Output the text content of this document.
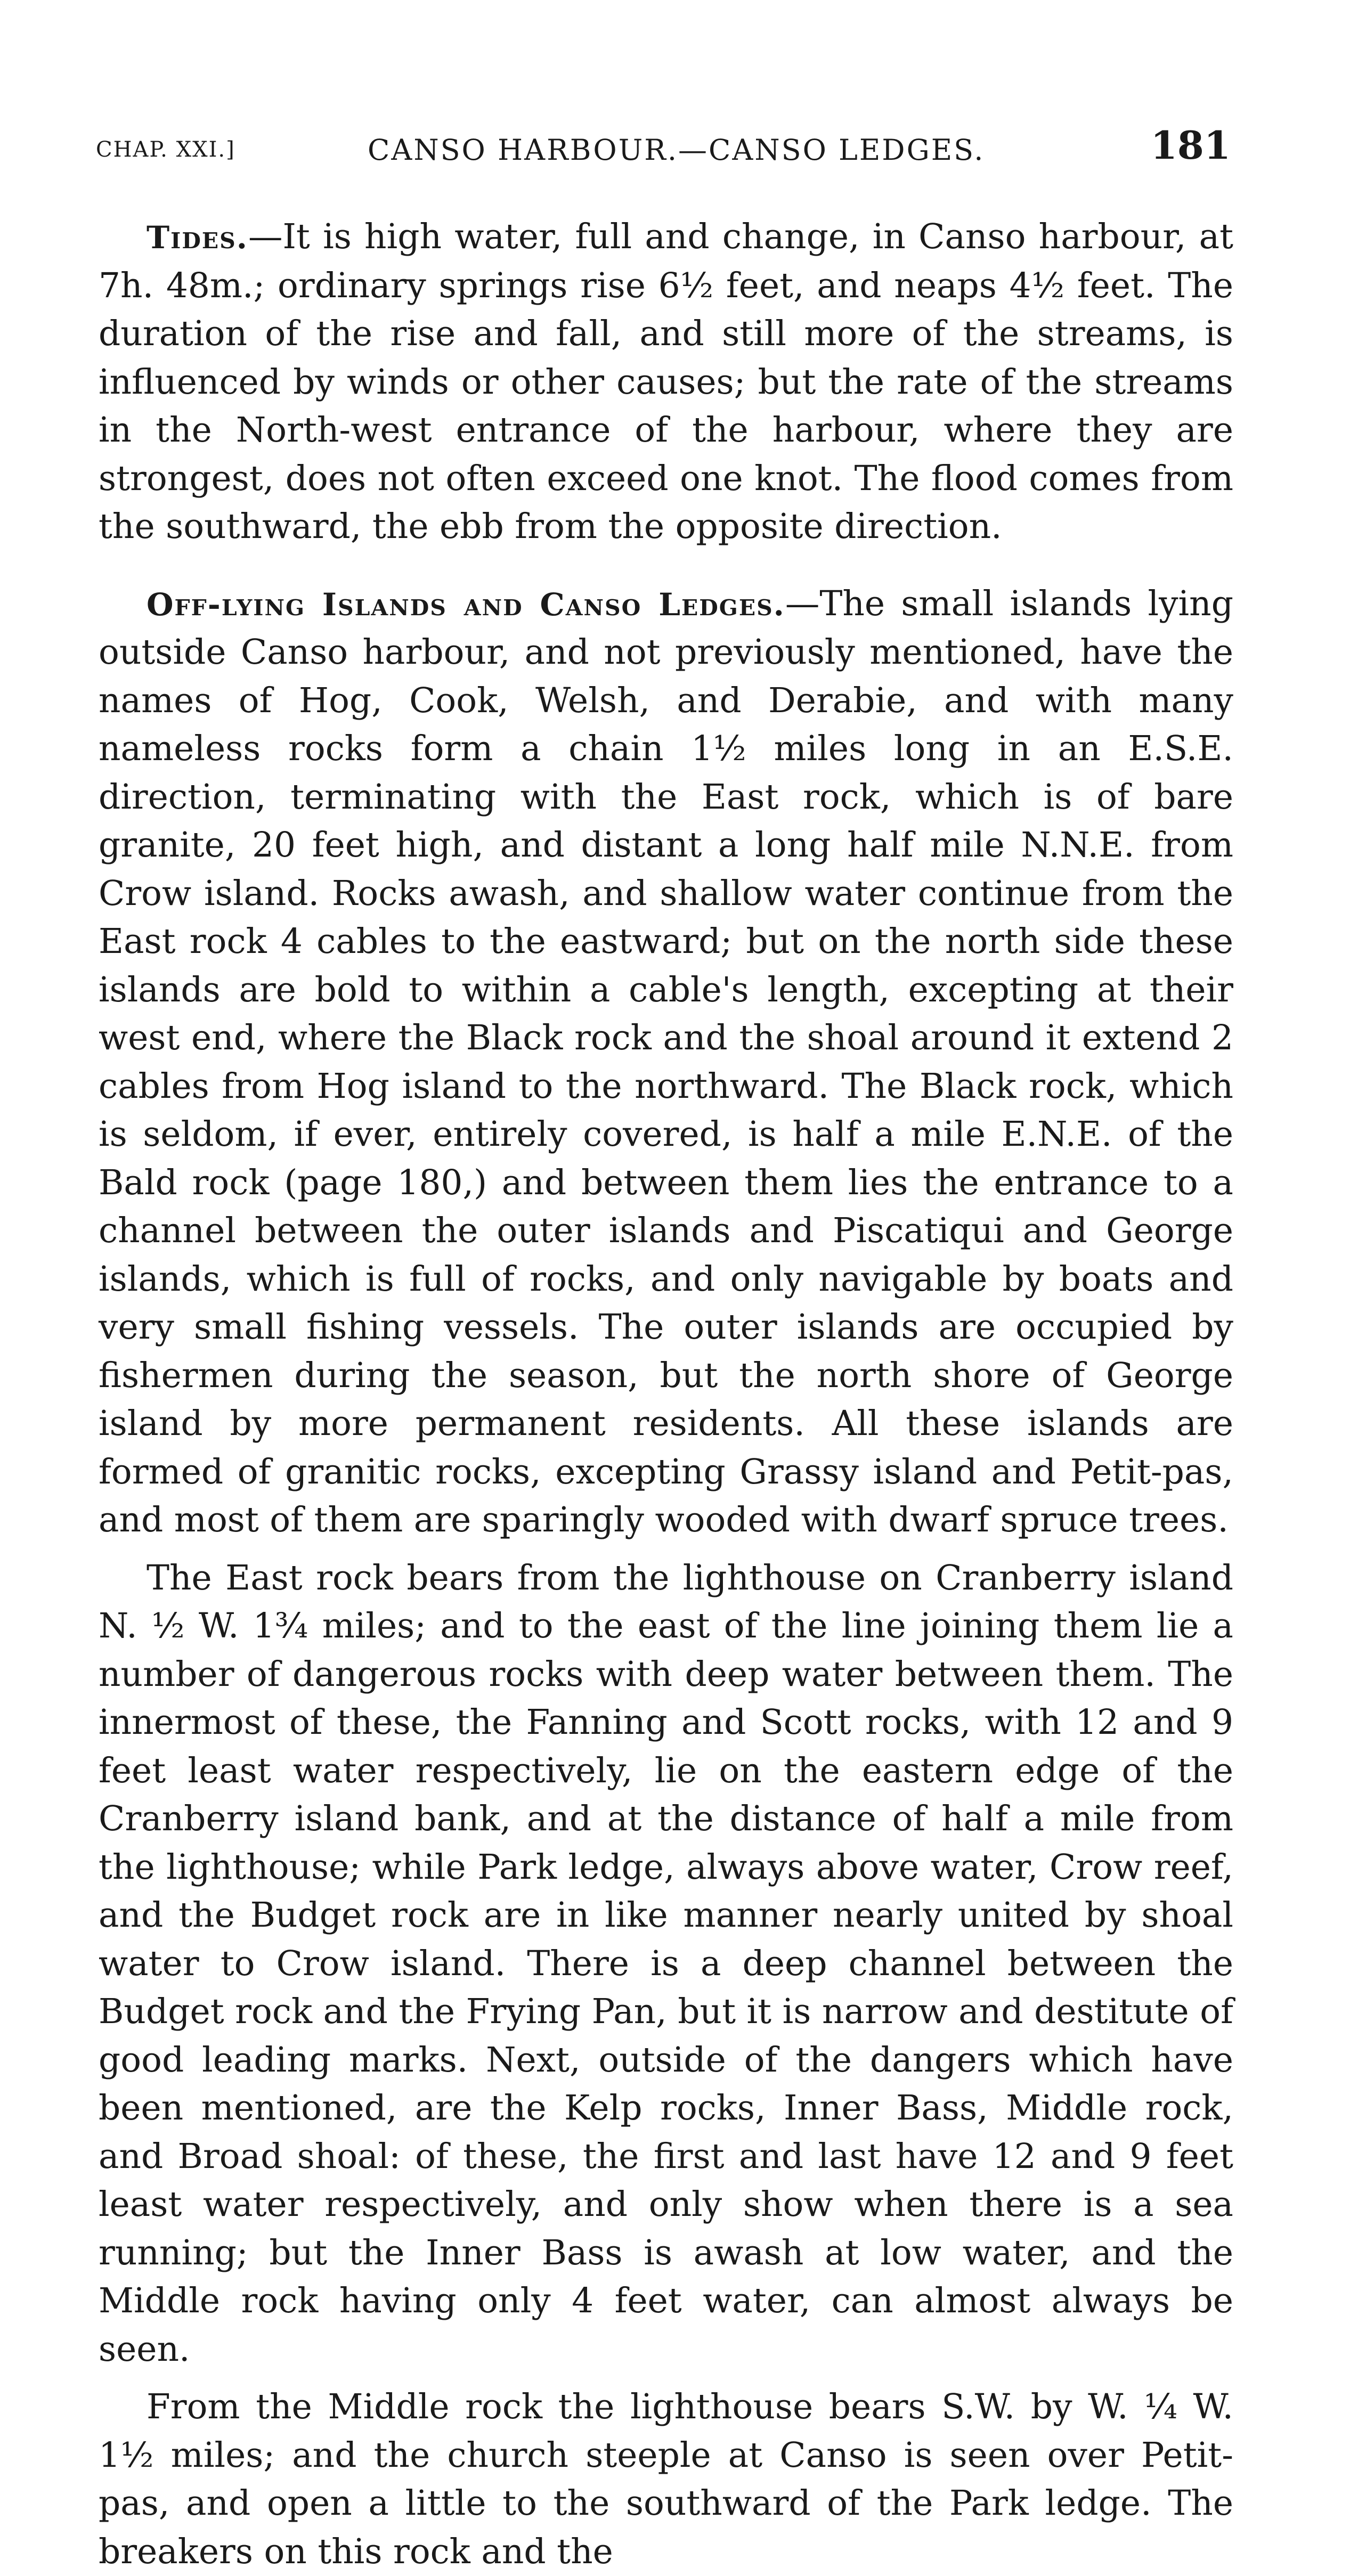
CHAP. XXI.]	CANSO HARBOUR.—CANSO LEDGES.	181

Tides.—It is high water, full and change, in Canso harbour, at 7h. 48m.; ordinary springs rise 6½ feet, and neaps 4½ feet. The duration of the rise and fall, and still more of the streams, is influenced by winds or other causes; but the rate of the streams in the North-west entrance of the harbour, where they are strongest, does not often exceed one knot. The flood comes from the southward, the ebb from the opposite direction.

Off-lying Islands and Canso Ledges.—The small islands lying outside Canso harbour, and not previously mentioned, have the names of Hog, Cook, Welsh, and Derabie, and with many nameless rocks form a chain 1½ miles long in an E.S.E. direction, terminating with the East rock, which is of bare granite, 20 feet high, and distant a long half mile N.N.E. from Crow island. Rocks awash, and shallow water continue from the East rock 4 cables to the eastward; but on the north side these islands are bold to within a cable's length, excepting at their west end, where the Black rock and the shoal around it extend 2 cables from Hog island to the northward. The Black rock, which is seldom, if ever, entirely covered, is half a mile E.N.E. of the Bald rock (page 180,) and between them lies the entrance to a channel between the outer islands and Piscatiqui and George islands, which is full of rocks, and only navigable by boats and very small fishing vessels. The outer islands are occupied by fishermen during the season, but the north shore of George island by more permanent residents. All these islands are formed of granitic rocks, excepting Grassy island and Petit-pas, and most of them are sparingly wooded with dwarf spruce trees.

The East rock bears from the lighthouse on Cranberry island N. ½ W. 1¾ miles; and to the east of the line joining them lie a number of dangerous rocks with deep water between them. The innermost of these, the Fanning and Scott rocks, with 12 and 9 feet least water respectively, lie on the eastern edge of the Cranberry island bank, and at the distance of half a mile from the lighthouse; while Park ledge, always above water, Crow reef, and the Budget rock are in like manner nearly united by shoal water to Crow island. There is a deep channel between the Budget rock and the Frying Pan, but it is narrow and destitute of good leading marks. Next, outside of the dangers which have been mentioned, are the Kelp rocks, Inner Bass, Middle rock, and Broad shoal: of these, the first and last have 12 and 9 feet least water respectively, and only show when there is a sea running; but the Inner Bass is awash at low water, and the Middle rock having only 4 feet water, can almost always be seen.

From the Middle rock the lighthouse bears S.W. by W. ¼ W. 1½ miles; and the church steeple at Canso is seen over Petit-pas, and open a little to the southward of the Park ledge. The breakers on this rock and the
